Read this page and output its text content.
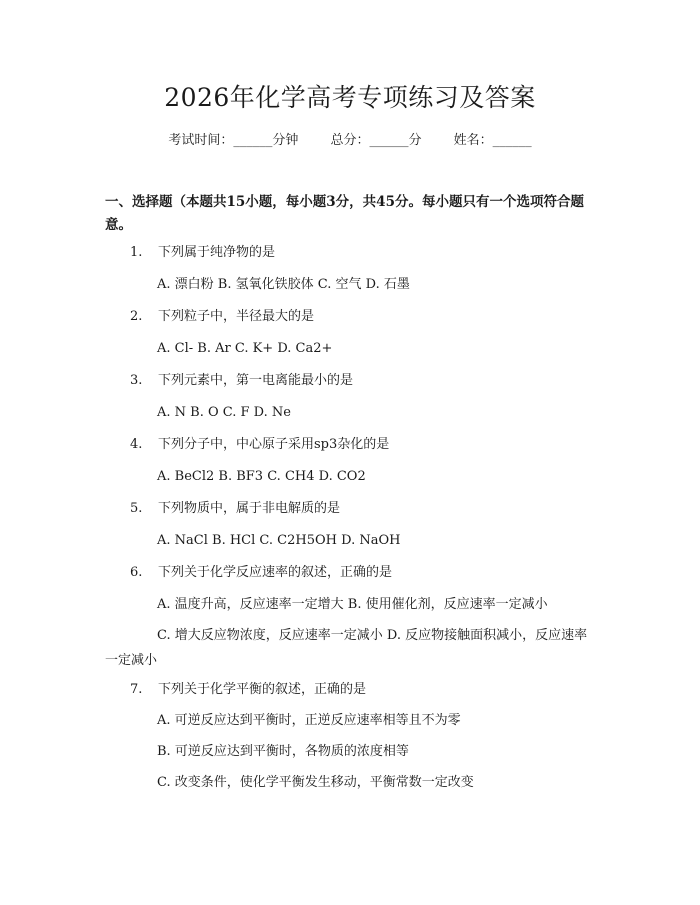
2026年化学高考专项练习及答案
考试时间：______分钟 总分：______分 姓名：______
一、选择题（本题共15小题，每小题3分，共45分。每小题只有一个选项符合题意。
1. 下列属于纯净物的是
A. 漂白粉 B. 氢氧化铁胶体 C. 空气 D. 石墨
2. 下列粒子中，半径最大的是
A. Cl- B. Ar C. K+ D. Ca2+
3. 下列元素中，第一电离能最小的是
A. N B. O C. F D. Ne
4. 下列分子中，中心原子采用sp3杂化的是
A. BeCl2 B. BF3 C. CH4 D. CO2
5. 下列物质中，属于非电解质的是
A. NaCl B. HCl C. C2H5OH D. NaOH
6. 下列关于化学反应速率的叙述，正确的是
A. 温度升高，反应速率一定增大 B. 使用催化剂，反应速率一定减小
C. 增大反应物浓度，反应速率一定减小 D. 反应物接触面积减小，反应速率一定减小
7. 下列关于化学平衡的叙述，正确的是
A. 可逆反应达到平衡时，正逆反应速率相等且不为零
B. 可逆反应达到平衡时，各物质的浓度相等
C. 改变条件，使化学平衡发生移动，平衡常数一定改变
